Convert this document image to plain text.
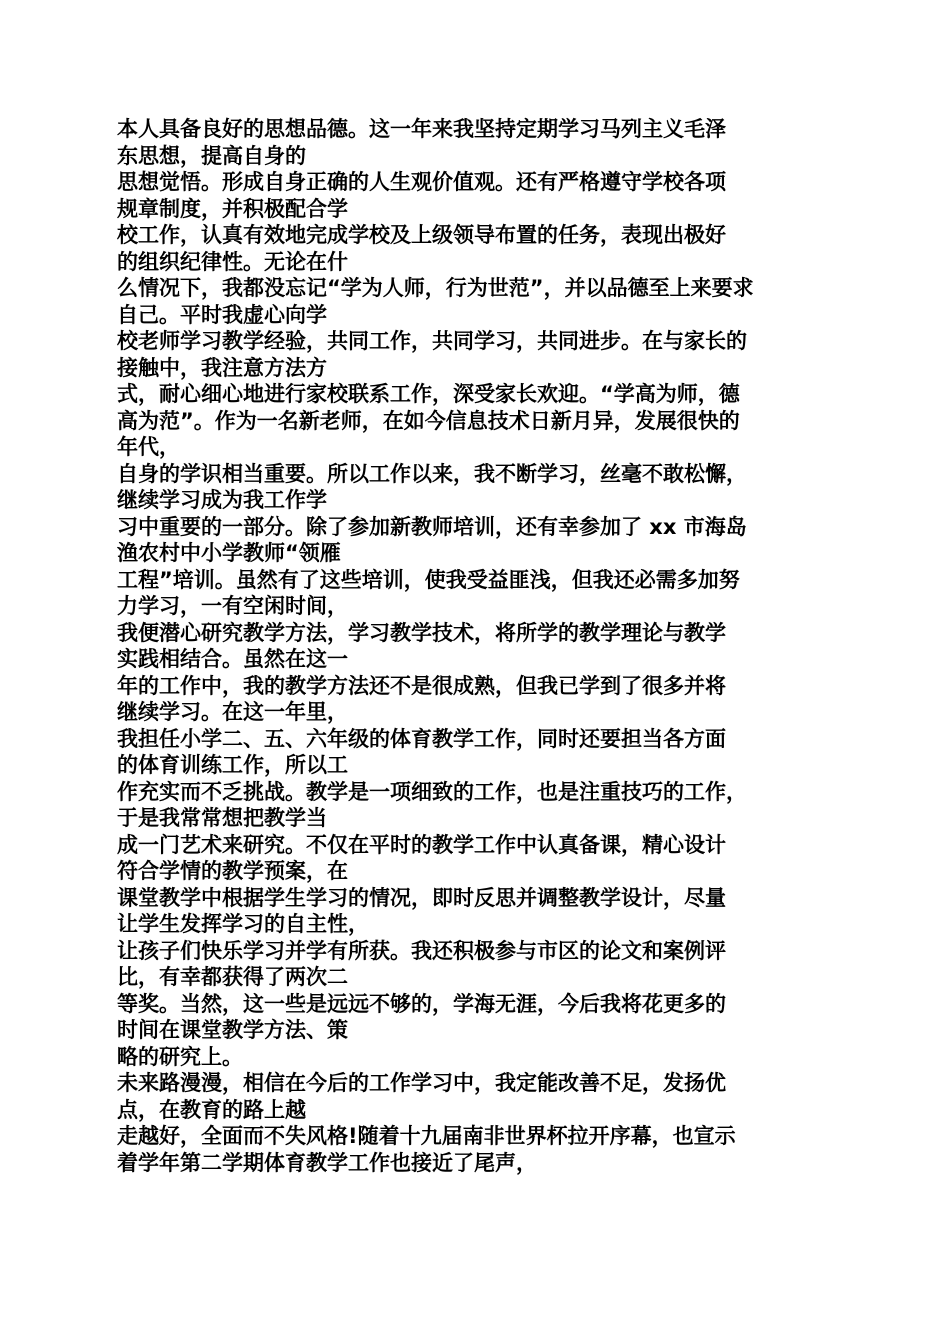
本人具备良好的思想品德。这一年来我坚持定期学习马列主义毛泽
东思想，提高自身的
思想觉悟。形成自身正确的人生观价值观。还有严格遵守学校各项
规章制度，并积极配合学
校工作，认真有效地完成学校及上级领导布置的任务，表现出极好
的组织纪律性。无论在什
么情况下，我都没忘记“学为人师，行为世范”，并以品德至上来要求
自己。平时我虚心向学
校老师学习教学经验，共同工作，共同学习，共同进步。在与家长的
接触中，我注意方法方
式，耐心细心地进行家校联系工作，深受家长欢迎。“学高为师，德
高为范”。作为一名新老师，在如今信息技术日新月异，发展很快的
年代，
自身的学识相当重要。所以工作以来，我不断学习，丝毫不敢松懈，
继续学习成为我工作学
习中重要的一部分。除了参加新教师培训，还有幸参加了 xx 市海岛
渔农村中小学教师“领雁
工程”培训。虽然有了这些培训，使我受益匪浅，但我还必需多加努
力学习，一有空闲时间，
我便潜心研究教学方法，学习教学技术，将所学的教学理论与教学
实践相结合。虽然在这一
年的工作中，我的教学方法还不是很成熟，但我已学到了很多并将
继续学习。在这一年里，
我担任小学二、五、六年级的体育教学工作，同时还要担当各方面
的体育训练工作，所以工
作充实而不乏挑战。教学是一项细致的工作，也是注重技巧的工作，
于是我常常想把教学当
成一门艺术来研究。不仅在平时的教学工作中认真备课，精心设计
符合学情的教学预案，在
课堂教学中根据学生学习的情况，即时反思并调整教学设计，尽量
让学生发挥学习的自主性，
让孩子们快乐学习并学有所获。我还积极参与市区的论文和案例评
比，有幸都获得了两次二
等奖。当然，这一些是远远不够的，学海无涯，今后我将花更多的
时间在课堂教学方法、策
略的研究上。
未来路漫漫，相信在今后的工作学习中，我定能改善不足，发扬优
点，在教育的路上越
走越好，全面而不失风格!随着十九届南非世界杯拉开序幕，也宣示
着学年第二学期体育教学工作也接近了尾声，
